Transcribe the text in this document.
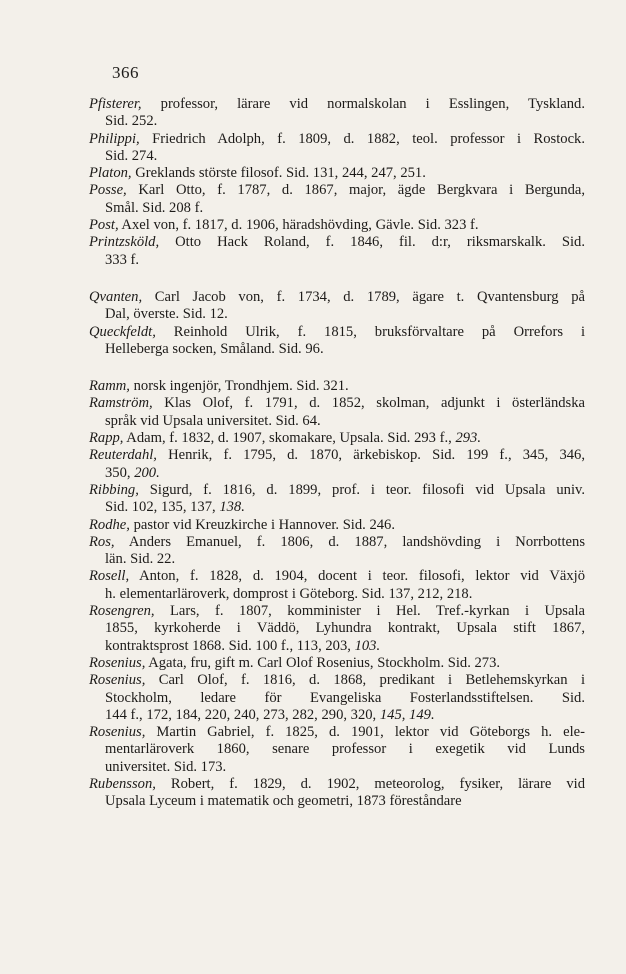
366
Pfisterer, professor, lärare vid normalskolan i Esslingen, Tyskland.
Sid. 252.
Philippi, Friedrich Adolph, f. 1809, d. 1882, teol. professor i Rostock.
Sid. 274.
Platon, Greklands störste filosof. Sid. 131, 244, 247, 251.
Posse, Karl Otto, f. 1787, d. 1867, major, ägde Bergkvara i Bergunda,
Smål. Sid. 208 f.
Post, Axel von, f. 1817, d. 1906, häradshövding, Gävle. Sid. 323 f.
Printzsköld, Otto Hack Roland, f. 1846, fil. d:r, riksmarskalk. Sid.
333 f.
Qvanten, Carl Jacob von, f. 1734, d. 1789, ägare t. Qvantensburg på
Dal, överste. Sid. 12.
Queckfeldt, Reinhold Ulrik, f. 1815, bruksförvaltare på Orrefors i
Helleberga socken, Småland. Sid. 96.
Ramm, norsk ingenjör, Trondhjem. Sid. 321.
Ramström, Klas Olof, f. 1791, d. 1852, skolman, adjunkt i österländska
språk vid Upsala universitet. Sid. 64.
Rapp, Adam, f. 1832, d. 1907, skomakare, Upsala. Sid. 293 f., 293.
Reuterdahl, Henrik, f. 1795, d. 1870, ärkebiskop. Sid. 199 f., 345, 346,
350, 200.
Ribbing, Sigurd, f. 1816, d. 1899, prof. i teor. filosofi vid Upsala univ.
Sid. 102, 135, 137, 138.
Rodhe, pastor vid Kreuzkirche i Hannover. Sid. 246.
Ros, Anders Emanuel, f. 1806, d. 1887, landshövding i Norrbottens
län. Sid. 22.
Rosell, Anton, f. 1828, d. 1904, docent i teor. filosofi, lektor vid Växjö
h. elementarläroverk, domprost i Göteborg. Sid. 137, 212, 218.
Rosengren, Lars, f. 1807, komminister i Hel. Tref.-kyrkan i Upsala
1855, kyrkoherde i Väddö, Lyhundra kontrakt, Upsala stift 1867,
kontraktsprost 1868. Sid. 100 f., 113, 203, 103.
Rosenius, Agata, fru, gift m. Carl Olof Rosenius, Stockholm. Sid. 273.
Rosenius, Carl Olof, f. 1816, d. 1868, predikant i Betlehemskyrkan i
Stockholm, ledare för Evangeliska Fosterlandsstiftelsen. Sid.
144 f., 172, 184, 220, 240, 273, 282, 290, 320, 145, 149.
Rosenius, Martin Gabriel, f. 1825, d. 1901, lektor vid Göteborgs h. ele-
mentarläroverk 1860, senare professor i exegetik vid Lunds
universitet. Sid. 173.
Rubensson, Robert, f. 1829, d. 1902, meteorolog, fysiker, lärare vid
Upsala Lyceum i matematik och geometri, 1873 föreståndare
